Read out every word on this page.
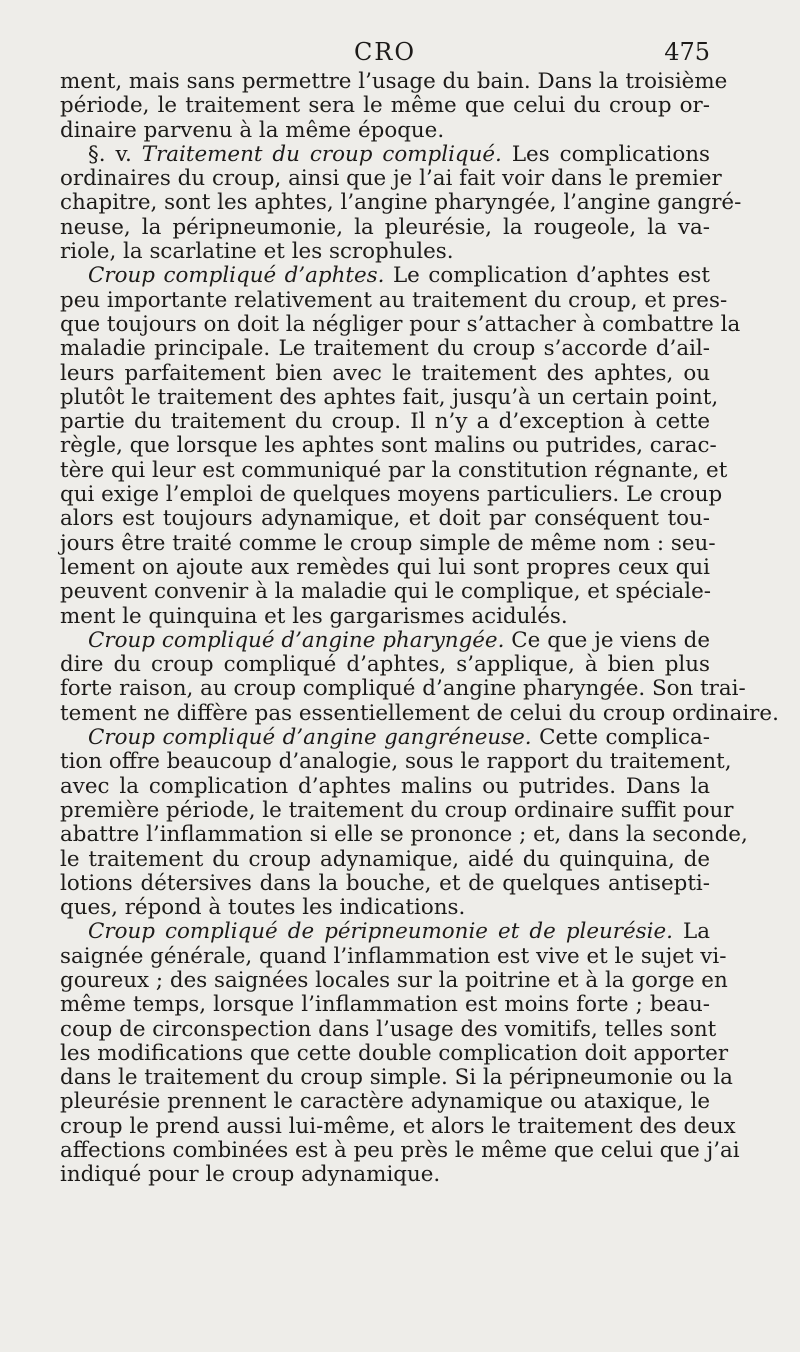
CRO	475
ment, mais sans permettre l’usage du bain. Dans la troisième
période, le traitement sera le même que celui du croup or-
dinaire parvenu à la même époque.
§. v. Traitement du croup compliqué. Les complications
ordinaires du croup, ainsi que je l’ai fait voir dans le premier
chapitre, sont les aphtes, l’angine pharyngée, l’angine gangré-
neuse, la péripneumonie, la pleurésie, la rougeole, la va-
riole, la scarlatine et les scrophules.
Croup compliqué d’aphtes. Le complication d’aphtes est
peu importante relativement au traitement du croup, et pres-
que toujours on doit la négliger pour s’attacher à combattre la
maladie principale. Le traitement du croup s’accorde d’ail-
leurs parfaitement bien avec le traitement des aphtes, ou
plutôt le traitement des aphtes fait, jusqu’à un certain point,
partie du traitement du croup. Il n’y a d’exception à cette
règle, que lorsque les aphtes sont malins ou putrides, carac-
tère qui leur est communiqué par la constitution régnante, et
qui exige l’emploi de quelques moyens particuliers. Le croup
alors est toujours adynamique, et doit par conséquent tou-
jours être traité comme le croup simple de même nom : seu-
lement on ajoute aux remèdes qui lui sont propres ceux qui
peuvent convenir à la maladie qui le complique, et spéciale-
ment le quinquina et les gargarismes acidulés.
Croup compliqué d’angine pharyngée. Ce que je viens de
dire du croup compliqué d’aphtes, s’applique, à bien plus
forte raison, au croup compliqué d’angine pharyngée. Son trai-
tement ne diffère pas essentiellement de celui du croup ordinaire.
Croup compliqué d’angine gangréneuse. Cette complica-
tion offre beaucoup d’analogie, sous le rapport du traitement,
avec la complication d’aphtes malins ou putrides. Dans la
première période, le traitement du croup ordinaire suffit pour
abattre l’inflammation si elle se prononce ; et, dans la seconde,
le traitement du croup adynamique, aidé du quinquina, de
lotions détersives dans la bouche, et de quelques antisepti-
ques, répond à toutes les indications.
Croup compliqué de péripneumonie et de pleurésie. La
saignée générale, quand l’inflammation est vive et le sujet vi-
goureux ; des saignées locales sur la poitrine et à la gorge en
même temps, lorsque l’inflammation est moins forte ; beau-
coup de circonspection dans l’usage des vomitifs, telles sont
les modifications que cette double complication doit apporter
dans le traitement du croup simple. Si la péripneumonie ou la
pleurésie prennent le caractère adynamique ou ataxique, le
croup le prend aussi lui-même, et alors le traitement des deux
affections combinées est à peu près le même que celui que j’ai
indiqué pour le croup adynamique.
